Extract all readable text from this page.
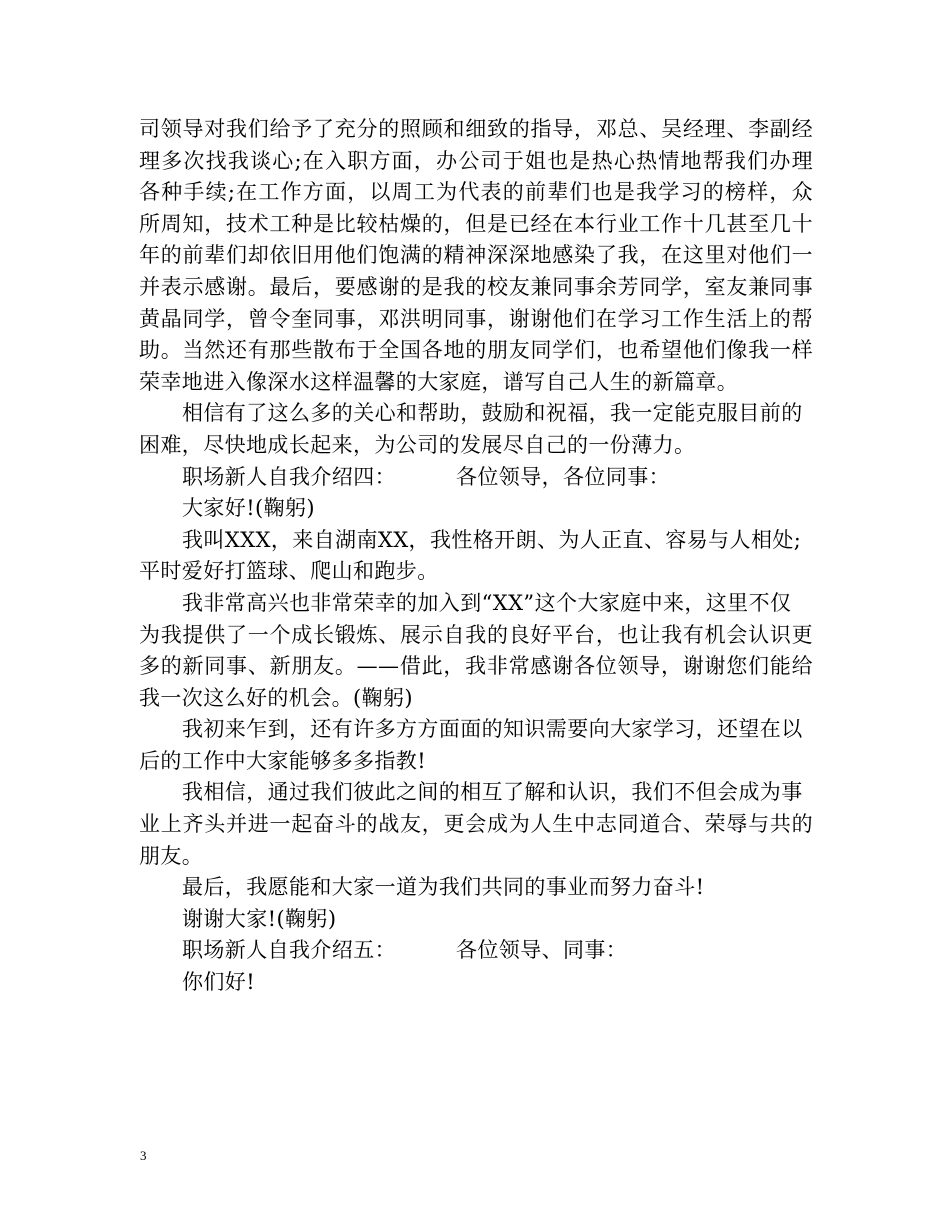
司领导对我们给予了充分的照顾和细致的指导，邓总、吴经理、李副经
理多次找我谈心;在入职方面，办公司于姐也是热心热情地帮我们办理
各种手续;在工作方面，以周工为代表的前辈们也是我学习的榜样，众
所周知，技术工种是比较枯燥的，但是已经在本行业工作十几甚至几十
年的前辈们却依旧用他们饱满的精神深深地感染了我，在这里对他们一
并表示感谢。最后，要感谢的是我的校友兼同事余芳同学，室友兼同事
黄晶同学，曾令奎同事，邓洪明同事，谢谢他们在学习工作生活上的帮
助。当然还有那些散布于全国各地的朋友同学们，也希望他们像我一样
荣幸地进入像深水这样温馨的大家庭，谱写自己人生的新篇章。
相信有了这么多的关心和帮助，鼓励和祝福，我一定能克服目前的
困难，尽快地成长起来，为公司的发展尽自己的一份薄力。
职场新人自我介绍四：	各位领导，各位同事：
大家好!(鞠躬)
我叫XXX，来自湖南XX，我性格开朗、为人正直、容易与人相处;
平时爱好打篮球、爬山和跑步。
我非常高兴也非常荣幸的加入到“XX”这个大家庭中来，这里不仅
为我提供了一个成长锻炼、展示自我的良好平台，也让我有机会认识更
多的新同事、新朋友。——借此，我非常感谢各位领导，谢谢您们能给
我一次这么好的机会。(鞠躬)
我初来乍到，还有许多方方面面的知识需要向大家学习，还望在以
后的工作中大家能够多多指教!
我相信，通过我们彼此之间的相互了解和认识，我们不但会成为事
业上齐头并进一起奋斗的战友，更会成为人生中志同道合、荣辱与共的
朋友。
最后，我愿能和大家一道为我们共同的事业而努力奋斗!
谢谢大家!(鞠躬)
职场新人自我介绍五：	各位领导、同事：
你们好!
3
